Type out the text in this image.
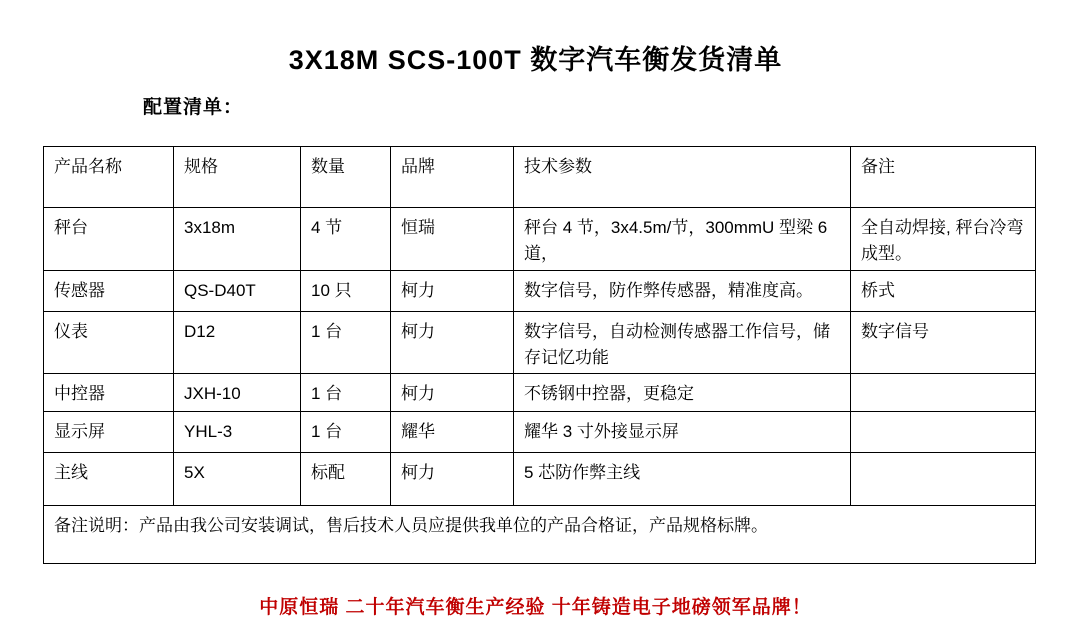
3X18M SCS-100T 数字汽车衡发货清单
配置清单：
产品名称	规格	数量	品牌	技术参数	备注
秤台	3x18m	4 节	恒瑞	秤台 4 节，3x4.5m/节，300mmU 型梁 6 道，	全自动焊接, 秤台冷弯成型。
传感器	QS-D40T	10 只	柯力	数字信号，防作弊传感器，精准度高。	桥式
仪表	D12	1 台	柯力	数字信号，自动检测传感器工作信号，储存记忆功能	数字信号
中控器	JXH-10	1 台	柯力	不锈钢中控器，更稳定	
显示屏	YHL-3	1 台	耀华	耀华 3 寸外接显示屏	
主线	5X	标配	柯力	5 芯防作弊主线	
备注说明：产品由我公司安装调试，售后技术人员应提供我单位的产品合格证，产品规格标牌。					
中原恒瑞 二十年汽车衡生产经验 十年铸造电子地磅领军品牌！
